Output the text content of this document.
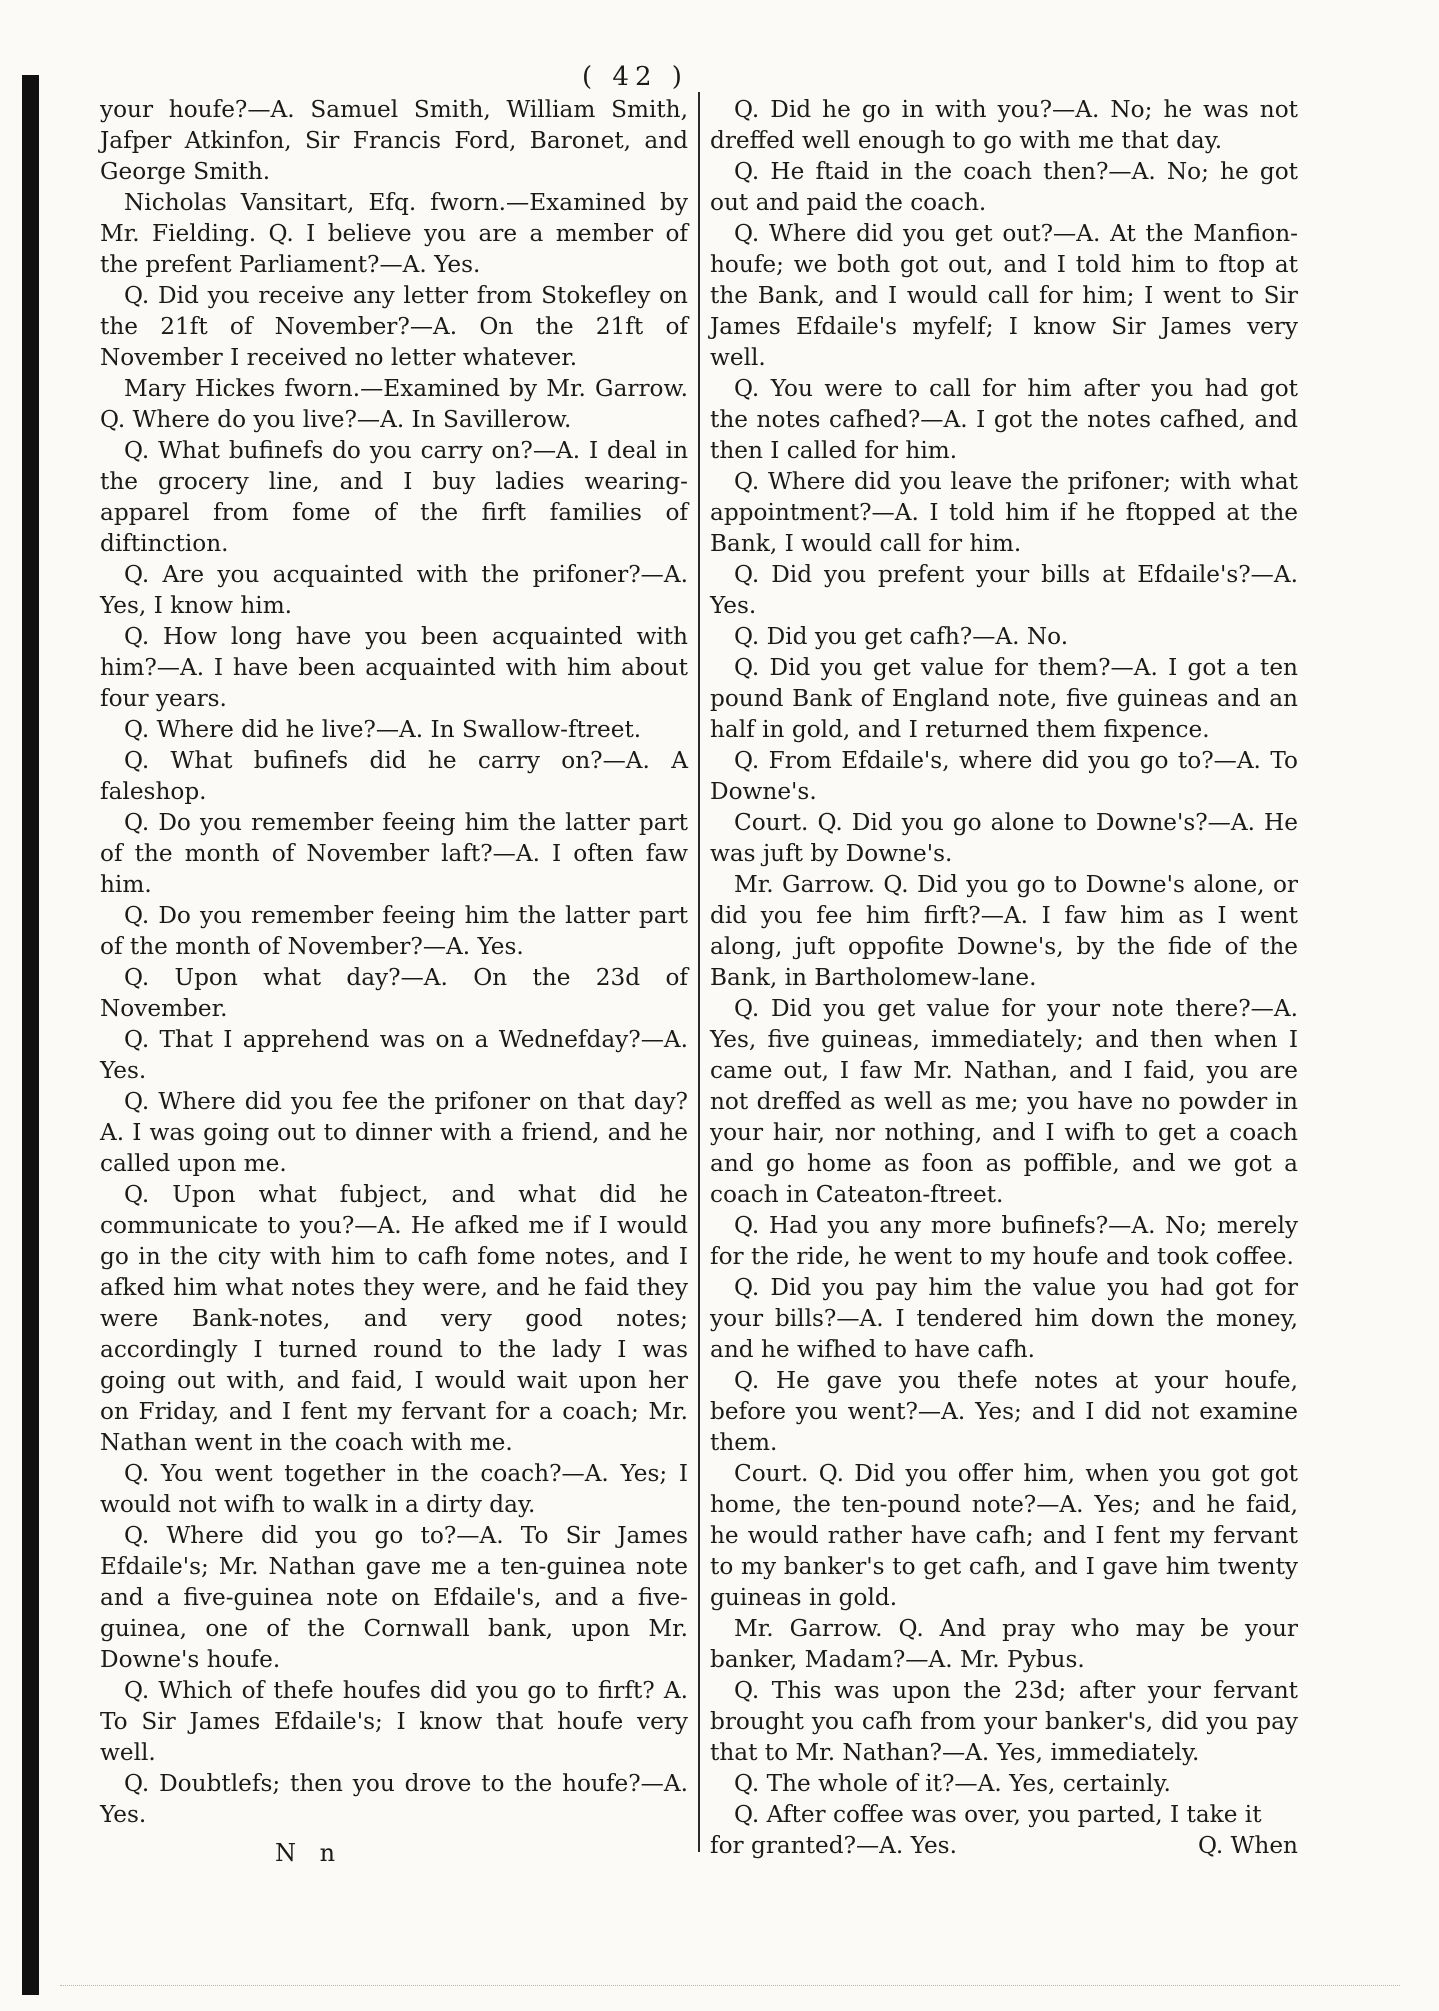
( 42 )

your houfe?—A. Samuel Smith, William Smith, Jafper Atkinfon, Sir Francis Ford, Baronet, and George Smith.

Nicholas Vansitart, Efq. fworn.—Examined by Mr. Fielding. Q. I believe you are a member of the prefent Parliament?—A. Yes.

Q. Did you receive any letter from Stokefley on the 21ft of November?—A. On the 21ft of November I received no letter whatever.

Mary Hickes fworn.—Examined by Mr. Garrow. Q. Where do you live?—A. In Savillerow.

Q. What bufinefs do you carry on?—A. I deal in the grocery line, and I buy ladies wearing-apparel from fome of the firft families of diftinction.

Q. Are you acquainted with the prifoner?—A. Yes, I know him.

Q. How long have you been acquainted with him?—A. I have been acquainted with him about four years.

Q. Where did he live?—A. In Swallow-ftreet.

Q. What bufinefs did he carry on?—A. A faleshop.

Q. Do you remember feeing him the latter part of the month of November laft?—A. I often faw him.

Q. Do you remember feeing him the latter part of the month of November?—A. Yes.

Q. Upon what day?—A. On the 23d of November.

Q. That I apprehend was on a Wednefday?—A. Yes.

Q. Where did you fee the prifoner on that day? A. I was going out to dinner with a friend, and he called upon me.

Q. Upon what fubject, and what did he communicate to you?—A. He afked me if I would go in the city with him to cafh fome notes, and I afked him what notes they were, and he faid they were Bank-notes, and very good notes; accordingly I turned round to the lady I was going out with, and faid, I would wait upon her on Friday, and I fent my fervant for a coach; Mr. Nathan went in the coach with me.

Q. You went together in the coach?—A. Yes; I would not wifh to walk in a dirty day.

Q. Where did you go to?—A. To Sir James Efdaile's; Mr. Nathan gave me a ten-guinea note and a five-guinea note on Efdaile's, and a five-guinea, one of the Cornwall bank, upon Mr. Downe's houfe.

Q. Which of thefe houfes did you go to firft? A. To Sir James Efdaile's; I know that houfe very well.

Q. Doubtlefs; then you drove to the houfe?—A. Yes.

N n

Q. Did he go in with you?—A. No; he was not dreffed well enough to go with me that day.

Q. He ftaid in the coach then?—A. No; he got out and paid the coach.

Q. Where did you get out?—A. At the Manfion-houfe; we both got out, and I told him to ftop at the Bank, and I would call for him; I went to Sir James Efdaile's myfelf; I know Sir James very well.

Q. You were to call for him after you had got the notes cafhed?—A. I got the notes cafhed, and then I called for him.

Q. Where did you leave the prifoner; with what appointment?—A. I told him if he ftopped at the Bank, I would call for him.

Q. Did you prefent your bills at Efdaile's?—A. Yes.

Q. Did you get cafh?—A. No.

Q. Did you get value for them?—A. I got a ten pound Bank of England note, five guineas and an half in gold, and I returned them fixpence.

Q. From Efdaile's, where did you go to?—A. To Downe's.

Court. Q. Did you go alone to Downe's?—A. He was juft by Downe's.

Mr. Garrow. Q. Did you go to Downe's alone, or did you fee him firft?—A. I faw him as I went along, juft oppofite Downe's, by the fide of the Bank, in Bartholomew-lane.

Q. Did you get value for your note there?—A. Yes, five guineas, immediately; and then when I came out, I faw Mr. Nathan, and I faid, you are not dreffed as well as me; you have no powder in your hair, nor nothing, and I wifh to get a coach and go home as foon as poffible, and we got a coach in Cateaton-ftreet.

Q. Had you any more bufinefs?—A. No; merely for the ride, he went to my houfe and took coffee.

Q. Did you pay him the value you had got for your bills?—A. I tendered him down the money, and he wifhed to have cafh.

Q. He gave you thefe notes at your houfe, before you went?—A. Yes; and I did not examine them.

Court. Q. Did you offer him, when you got got home, the ten-pound note?—A. Yes; and he faid, he would rather have cafh; and I fent my fervant to my banker's to get cafh, and I gave him twenty guineas in gold.

Mr. Garrow. Q. And pray who may be your banker, Madam?—A. Mr. Pybus.

Q. This was upon the 23d; after your fervant brought you cafh from your banker's, did you pay that to Mr. Nathan?—A. Yes, immediately.

Q. The whole of it?—A. Yes, certainly.

Q. After coffee was over, you parted, I take it for granted?—A. Yes.	Q. When
